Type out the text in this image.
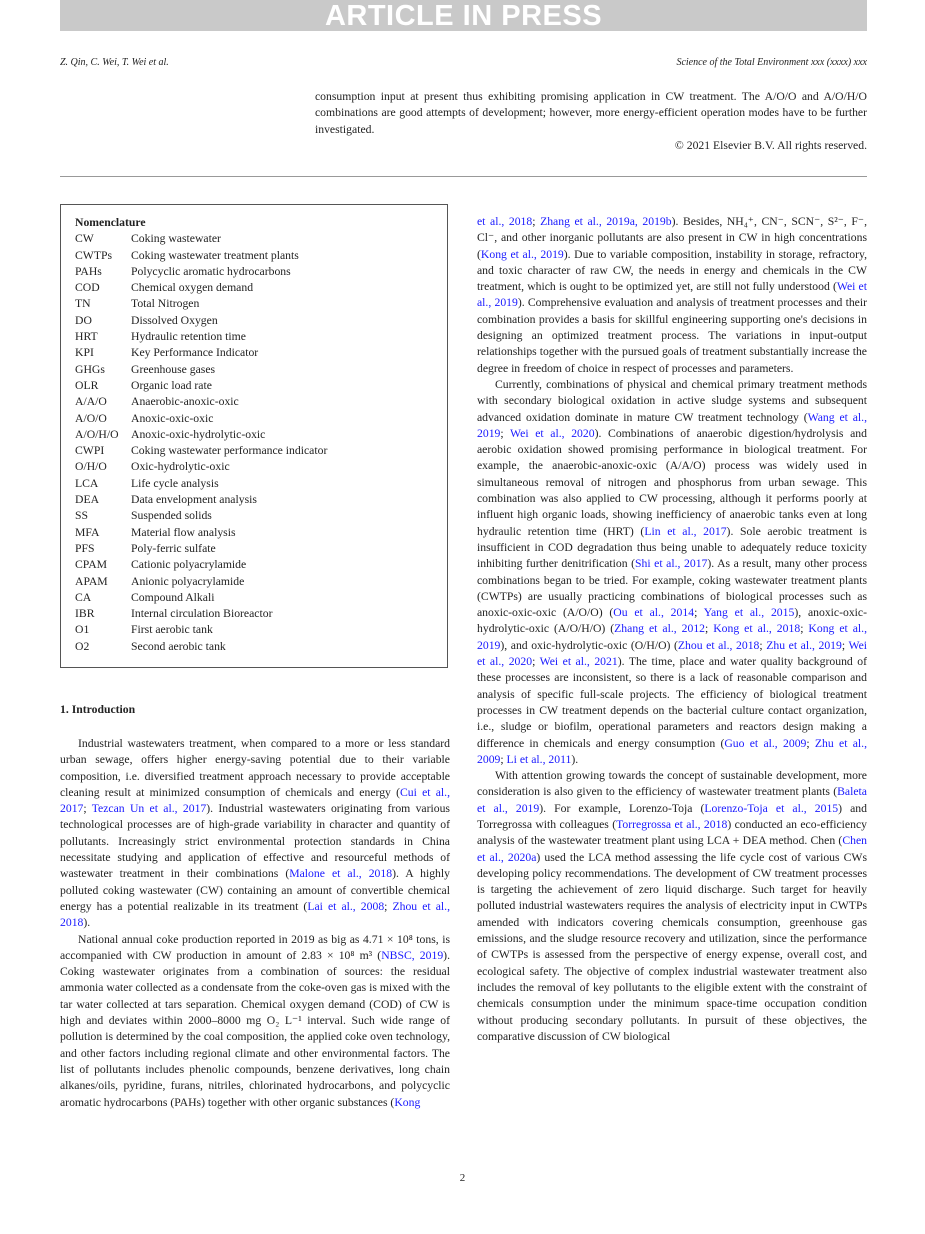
ARTICLE IN PRESS
Z. Qin, C. Wei, T. Wei et al.	Science of the Total Environment xxx (xxxx) xxx
consumption input at present thus exhibiting promising application in CW treatment. The A/O/O and A/O/H/O combinations are good attempts of development; however, more energy-efficient operation modes have to be further investigated.
© 2021 Elsevier B.V. All rights reserved.
Nomenclature
CW	Coking wastewater
CWTPs	Coking wastewater treatment plants
PAHs	Polycyclic aromatic hydrocarbons
COD	Chemical oxygen demand
TN	Total Nitrogen
DO	Dissolved Oxygen
HRT	Hydraulic retention time
KPI	Key Performance Indicator
GHGs	Greenhouse gases
OLR	Organic load rate
A/A/O	Anaerobic-anoxic-oxic
A/O/O	Anoxic-oxic-oxic
A/O/H/O	Anoxic-oxic-hydrolytic-oxic
CWPI	Coking wastewater performance indicator
O/H/O	Oxic-hydrolytic-oxic
LCA	Life cycle analysis
DEA	Data envelopment analysis
SS	Suspended solids
MFA	Material flow analysis
PFS	Poly-ferric sulfate
CPAM	Cationic polyacrylamide
APAM	Anionic polyacrylamide
CA	Compound Alkali
IBR	Internal circulation Bioreactor
O1	First aerobic tank
O2	Second aerobic tank
1. Introduction

Industrial wastewaters treatment, when compared to a more or less standard urban sewage, offers higher energy-saving potential due to their variable composition, i.e. diversified treatment approach necessary to provide acceptable cleaning result at minimized consumption of chemicals and energy (Cui et al., 2017; Tezcan Un et al., 2017). Industrial wastewaters originating from various technological processes are of high-grade variability in character and quantity of pollutants. Increasingly strict environmental protection standards in China necessitate studying and application of effective and resourceful methods of wastewater treatment in their combinations (Malone et al., 2018). A highly polluted coking wastewater (CW) containing an amount of convertible chemical energy has a potential realizable in its treatment (Lai et al., 2008; Zhou et al., 2018).

National annual coke production reported in 2019 as big as 4.71 × 10⁸ tons, is accompanied with CW production in amount of 2.83 × 10⁸ m³ (NBSC, 2019). Coking wastewater originates from a combination of sources: the residual ammonia water collected as a condensate from the coke-oven gas is mixed with the tar water collected at tars separation. Chemical oxygen demand (COD) of CW is high and deviates within 2000–8000 mg O₂ L⁻¹ interval. Such wide range of pollution is determined by the coal composition, the applied coke oven technology, and other factors including regional climate and other environmental factors. The list of pollutants includes phenolic compounds, benzene derivatives, long chain alkanes/oils, pyridine, furans, nitriles, chlorinated hydrocarbons, and polycyclic aromatic hydrocarbons (PAHs) together with other organic substances (Kong

et al., 2018; Zhang et al., 2019a, 2019b). Besides, NH₄⁺, CN⁻, SCN⁻, S²⁻, F⁻, Cl⁻, and other inorganic pollutants are also present in CW in high concentrations (Kong et al., 2019). Due to variable composition, instability in storage, refractory, and toxic character of raw CW, the needs in energy and chemicals in the CW treatment, which is ought to be optimized yet, are still not fully understood (Wei et al., 2019). Comprehensive evaluation and analysis of treatment processes and their combination provides a basis for skillful engineering supporting one's decisions in designing an optimized treatment process. The variations in input-output relationships together with the pursued goals of treatment substantially increase the degree in freedom of choice in respect of processes and parameters.

Currently, combinations of physical and chemical primary treatment methods with secondary biological oxidation in active sludge systems and subsequent advanced oxidation dominate in mature CW treatment technology (Wang et al., 2019; Wei et al., 2020). Combinations of anaerobic digestion/hydrolysis and aerobic oxidation showed promising performance in biological treatment. For example, the anaerobic-anoxic-oxic (A/A/O) process was widely used in simultaneous removal of nitrogen and phosphorus from urban sewage. This combination was also applied to CW processing, although it performs poorly at influent high organic loads, showing inefficiency of anaerobic tanks even at long hydraulic retention time (HRT) (Lin et al., 2017). Sole aerobic treatment is insufficient in COD degradation thus being unable to adequately reduce toxicity inhibiting further denitrification (Shi et al., 2017). As a result, many other process combinations began to be tried. For example, coking wastewater treatment plants (CWTPs) are usually practicing combinations of biological processes such as anoxic-oxic-oxic (A/O/O) (Ou et al., 2014; Yang et al., 2015), anoxic-oxic-hydrolytic-oxic (A/O/H/O) (Zhang et al., 2012; Kong et al., 2018; Kong et al., 2019), and oxic-hydrolytic-oxic (O/H/O) (Zhou et al., 2018; Zhu et al., 2019; Wei et al., 2020; Wei et al., 2021). The time, place and water quality background of these processes are inconsistent, so there is a lack of reasonable comparison and analysis of specific full-scale projects. The efficiency of biological treatment processes in CW treatment depends on the bacterial culture contact organization, i.e., sludge or biofilm, operational parameters and reactors design making a difference in chemicals and energy consumption (Guo et al., 2009; Zhu et al., 2009; Li et al., 2011).

With attention growing towards the concept of sustainable development, more consideration is also given to the efficiency of wastewater treatment plants (Baleta et al., 2019). For example, Lorenzo-Toja (Lorenzo-Toja et al., 2015) and Torregrossa with colleagues (Torregrossa et al., 2018) conducted an eco-efficiency analysis of the wastewater treatment plant using LCA + DEA method. Chen (Chen et al., 2020a) used the LCA method assessing the life cycle cost of various CWs developing policy recommendations. The development of CW treatment processes is targeting the achievement of zero liquid discharge. Such target for heavily polluted industrial wastewaters requires the analysis of electricity input in CWTPs amended with indicators covering chemicals consumption, greenhouse gas emissions, and the sludge resource recovery and utilization, since the performance of CWTPs is assessed from the perspective of energy expense, overall cost, and ecological safety. The objective of complex industrial wastewater treatment also includes the removal of key pollutants to the eligible extent with the constraint of chemicals consumption under the minimum space-time occupation condition without producing secondary pollutants. In pursuit of these objectives, the comparative discussion of CW biological

2
